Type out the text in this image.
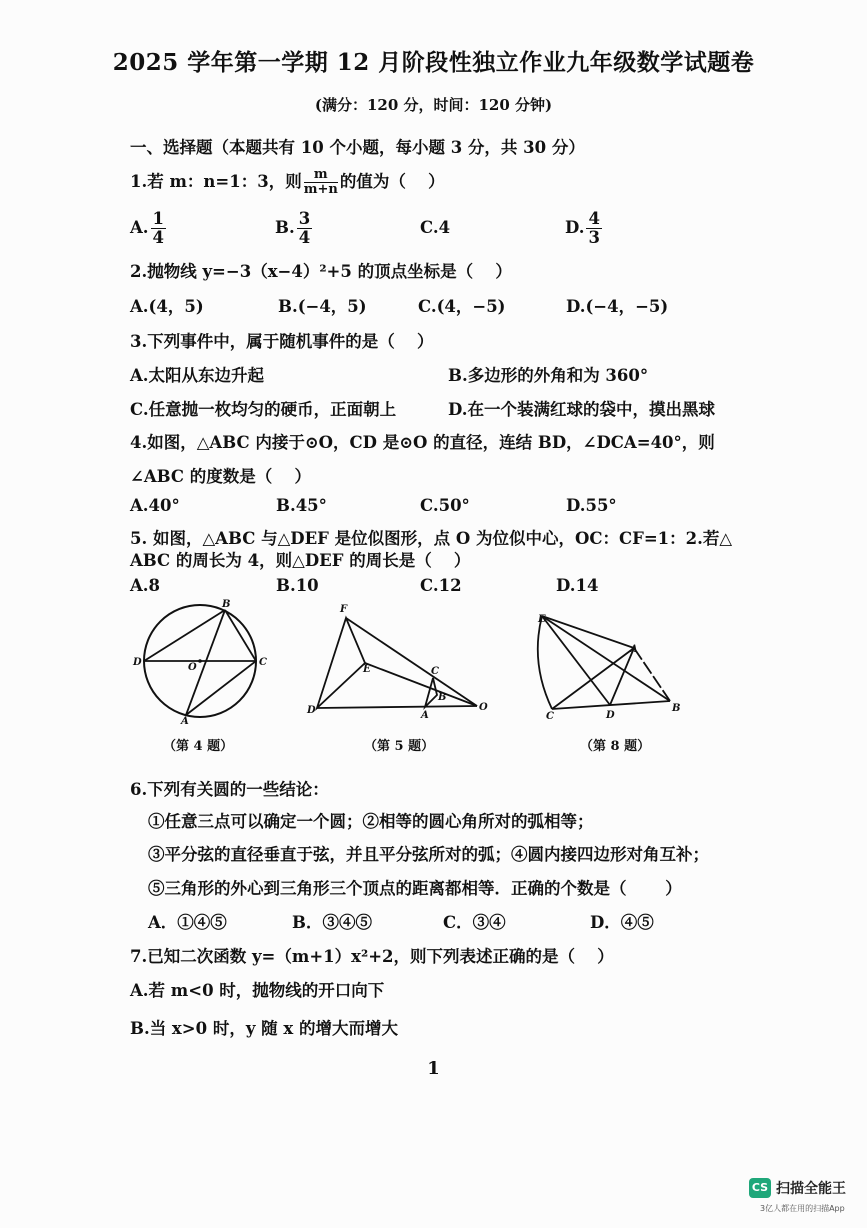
2025 学年第一学期 12 月阶段性独立作业九年级数学试题卷
(满分：120 分，时间：120 分钟)
一、选择题（本题共有 10 个小题，每小题 3 分，共 30 分）
1.若 m：n=1：3，则 $\frac{m}{m+n}$ 的值为（　 ）
A. $\frac{1}{4}$	B. $\frac{3}{4}$	C.4	D. $\frac{4}{3}$
2.抛物线 y=−3（x−4）²+5 的顶点坐标是（　 ）
A.(4，5)	B.(−4，5)	C.(4，−5)	D.(−4，−5)
3.下列事件中，属于随机事件的是（　 ）
A.太阳从东边升起	B.多边形的外角和为 360°
C.任意抛一枚均匀的硬币，正面朝上	D.在一个装满红球的袋中，摸出黑球
4.如图，△ABC 内接于⊙O，CD 是⊙O 的直径，连结 BD，∠DCA=40°，则
∠ABC 的度数是（　 ）
A.40°	B.45°	C.50°	D.55°
5. 如图，△ABC 与△DEF 是位似图形，点 O 为位似中心，OC：CF=1：2.若△
ABC 的周长为 4，则△DEF 的周长是（　 ）
A.8	B.10	C.12	D.14
B
D	O	C
A
F
E	C
B
D	A
O
E
A
C	D
B
（第 4 题）	（第 5 题）	（第 8 题）
6.下列有关圆的一些结论：
①任意三点可以确定一个圆；②相等的圆心角所对的弧相等；
③平分弦的直径垂直于弦，并且平分弦所对的弧；④圆内接四边形对角互补；
⑤三角形的外心到三角形三个顶点的距离都相等．正确的个数是（　　 ）
A．①④⑤	B．③④⑤	C．③④	D．④⑤
7.已知二次函数 y=（m+1）x²+2，则下列表述正确的是（　 ）
A.若 m<0 时，抛物线的开口向下
B.当 x>0 时，y 随 x 的增大而增大
1
CS 扫描全能王
3亿人都在用的扫描App
